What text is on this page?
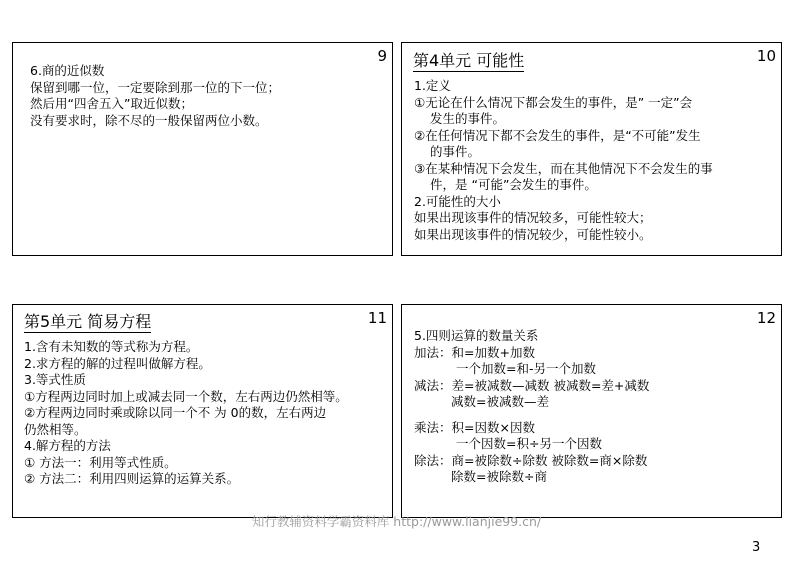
9
6.商的近似数
保留到哪一位，一定要除到那一位的下一位；
然后用“四舍五入”取近似数；
没有要求时，除不尽的一般保留两位小数。
10
第4单元 可能性
1.定义
①无论在什么情况下都会发生的事件，是” 一定”会
发生的事件。
②在任何情况下都不会发生的事件，是“不可能”发生
的事件。
③在某种情况下会发生，而在其他情况下不会发生的事
件，是 “可能”会发生的事件。
2.可能性的大小
如果出现该事件的情况较多，可能性较大；
如果出现该事件的情况较少，可能性较小。
11
第5单元 简易方程
1.含有未知数的等式称为方程。
2.求方程的解的过程叫做解方程。
3.等式性质
①方程两边同时加上或减去同一个数，左右两边仍然相等。
②方程两边同时乘或除以同一个不 为 0的数，左右两边
仍然相等。
4.解方程的方法
① 方法一：利用等式性质。
② 方法二：利用四则运算的运算关系。
12
5.四则运算的数量关系
加法：和=加数+加数
一个加数=和-另一个加数
减法：差=被减数—减数 被减数=差+减数
减数=被减数—差
乘法：积=因数×因数
一个因数=积÷另一个因数
除法：商=被除数÷除数 被除数=商×除数
除数=被除数÷商
知行教辅资料学霸资料库 http://www.lianjie99.cn/
3
